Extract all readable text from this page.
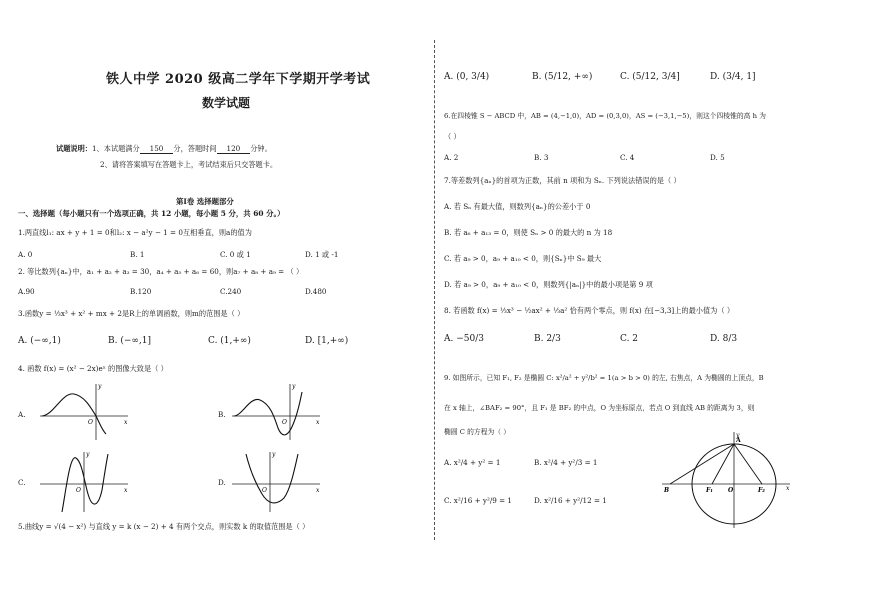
铁人中学 2020 级高二学年下学期开学考试
数学试题
试题说明：1、本试题满分 150 分，答题时间 120 分钟。
2、请将答案填写在答题卡上，考试结束后只交答题卡。
第Ⅰ卷 选择题部分
一、选择题（每小题只有一个选项正确，共 12 小题，每小题 5 分，共 60 分。）
1.两直线l₁: ax + y + 1 = 0和l₂: x − a²y − 1 = 0互相垂直，则a的值为
A. 0	B. 1	C. 0 或 1	D. 1 或 -1
2. 等比数列{aₙ}中，a₁ + a₂ + a₃ = 30，a₄ + a₅ + a₆ = 60，则a₇ + a₈ + a₉ = （ ）
A.90	B.120	C.240	D.480
3.函数y = ⅓x³ + x² + mx + 2是R上的单调函数，则m的范围是（ ）
A. (−∞,1)	B. (−∞,1]	C. (1,+∞)	D. [1,+∞)
4. 函数 f(x) = (x² − 2x)eˣ 的图像大致是（ ）
A.	B.
C.	D.
x
y
O	x
y
O
x
y
O	x
y
O
5.曲线y = √(4 − x²) 与直线 y = k (x − 2) + 4 有两个交点，则实数 k 的取值范围是（ ）
A. (0, 3/4)	B. (5/12, +∞)	C. (5/12, 3/4]	D. (3/4, 1]
6.在四棱锥 S − ABCD 中，AB = (4,−1,0)，AD = (0,3,0)，AS = (−3,1,−5)，则这个四棱锥的高 h 为
（ ）
A. 2	B. 3	C. 4	D. 5
7.等差数列{aₙ}的首项为正数，其前 n 项和为 Sₙ. 下列说法错误的是（ ）
A. 若 Sₙ 有最大值，则数列{aₙ}的公差小于 0
B. 若 a₆ + a₁₃ = 0，则使 Sₙ > 0 的最大的 n 为 18
C. 若 a₉ > 0，a₉ + a₁₀ < 0，则{Sₙ}中 S₉ 最大
D. 若 a₉ > 0，a₉ + a₁₀ < 0，则数列{|aₙ|}中的最小项是第 9 项
8. 若函数 f(x) = ⅓x³ − ½ax² + ⅓a² 恰有两个零点，则 f(x) 在[−3,3]上的最小值为（ ）
A. −50/3	B. 2/3	C. 2	D. 8/3
9. 如图所示，已知 F₁, F₂ 是椭圆 C: x²/a² + y²/b² = 1(a > b > 0) 的左, 右焦点，A 为椭圆的上顶点，B
在 x 轴上，∠BAF₂ = 90°，且 F₁ 是 BF₂ 的中点，O 为坐标原点，若点 O 到直线 AB 的距离为 3，则
椭圆 C 的方程为（ ）
A. x²/4 + y² = 1	B. x²/4 + y²/3 = 1
C. x²/16 + y²/9 = 1	D. x²/16 + y²/12 = 1
A
y
B	F₁	O	F₂	x
